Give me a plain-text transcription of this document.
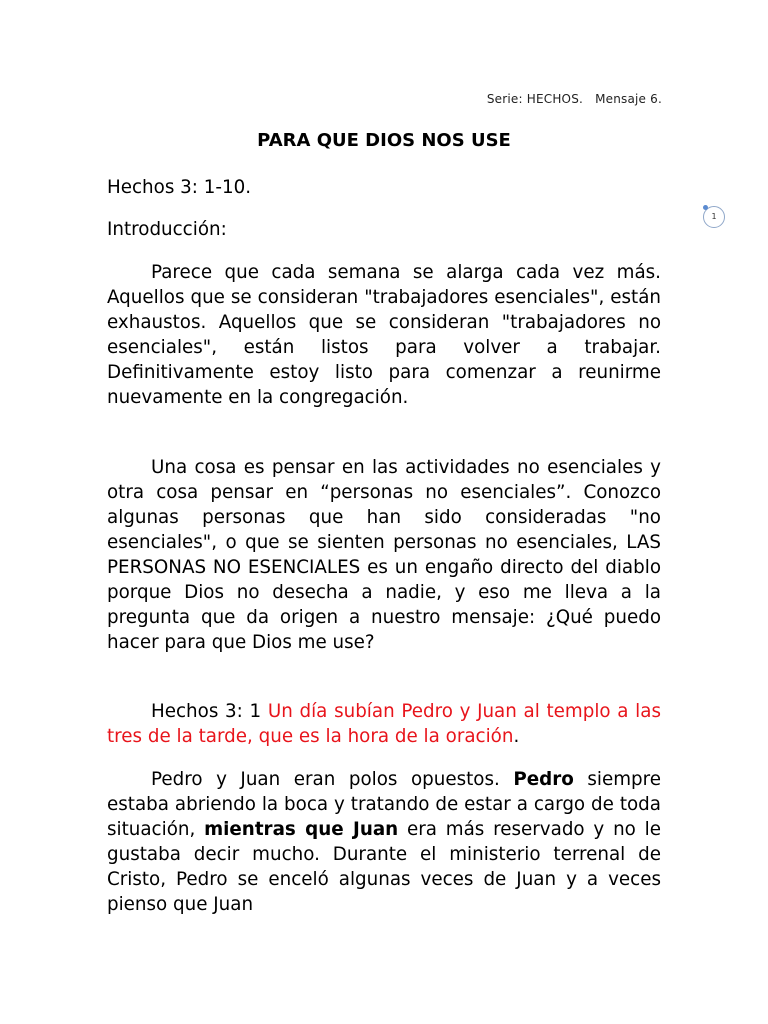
Serie: HECHOS.   Mensaje 6.
PARA QUE DIOS NOS USE

Hechos 3: 1-10.

Introducción:

Parece que cada semana se alarga cada vez más. Aquellos que se consideran "trabajadores esenciales", están exhaustos. Aquellos que se consideran "trabajadores no esenciales", están listos para volver a trabajar. Definitivamente estoy listo para comenzar a reunirme nuevamente en la congregación.

Una cosa es pensar en las actividades no esenciales y otra cosa pensar en “personas no esenciales”. Conozco algunas personas que han sido consideradas "no esenciales", o que se sienten personas no esenciales, LAS PERSONAS NO ESENCIALES es un engaño directo del diablo porque Dios no desecha a nadie, y eso me lleva a la pregunta que da origen a nuestro mensaje: ¿Qué puedo hacer para que Dios me use?

Hechos 3: 1 Un día subían Pedro y Juan al templo a las tres de la tarde, que es la hora de la oración.

Pedro y Juan eran polos opuestos. Pedro siempre estaba abriendo la boca y tratando de estar a cargo de toda situación, mientras que Juan era más reservado y no le gustaba decir mucho. Durante el ministerio terrenal de Cristo, Pedro se enceló algunas veces de Juan y a veces pienso que Juan

1
